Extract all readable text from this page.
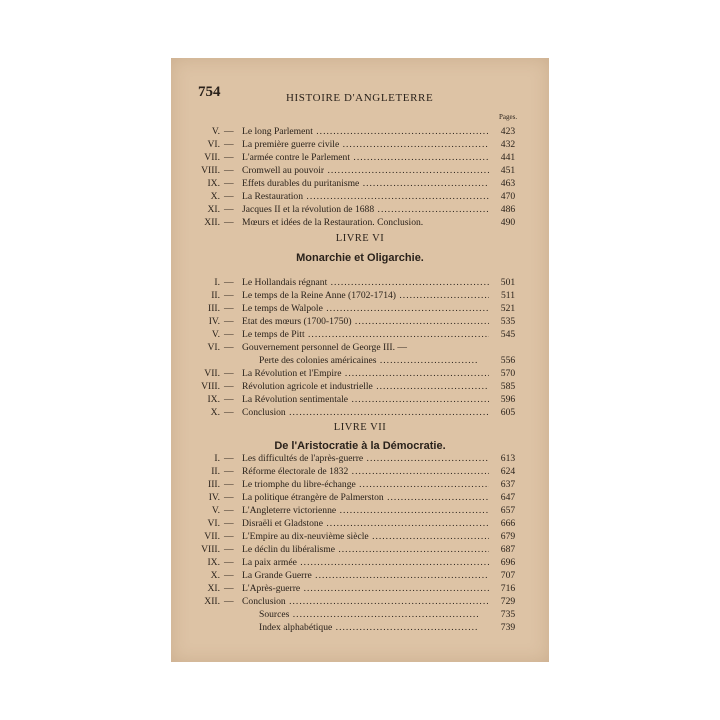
754	HISTOIRE D'ANGLETERRE
Pages.
V. — Le long Parlement .....	423
VI. — La première guerre civile .....	432
VII. — L'armée contre le Parlement .....	441
VIII. — Cromwell au pouvoir .....	451
IX. — Effets durables du puritanisme .....	463
X. — La Restauration .....	470
XI. — Jacques II et la révolution de 1688 .....	486
XII. — Mœurs et idées de la Restauration. Conclusion.	490
LIVRE VI
Monarchie et Oligarchie.
I. — Le Hollandais régnant .....	501
II. — Le temps de la Reine Anne (1702-1714) .....	511
III. — Le temps de Walpole .....	521
IV. — Etat des mœurs (1700-1750) .....	535
V. — Le temps de Pitt .....	545
VI. — Gouvernement personnel de George III. —
Perte des colonies américaines .....	556
VII. — La Révolution et l'Empire .....	570
VIII. — Révolution agricole et industrielle .....	585
IX. — La Révolution sentimentale .....	596
X. — Conclusion .....	605
LIVRE VII
De l'Aristocratie à la Démocratie.
I. — Les difficultés de l'après-guerre .....	613
II. — Réforme électorale de 1832 .....	624
III. — Le triomphe du libre-échange .....	637
IV. — La politique étrangère de Palmerston .....	647
V. — L'Angleterre victorienne .....	657
VI. — Disraëli et Gladstone .....	666
VII. — L'Empire au dix-neuvième siècle .....	679
VIII. — Le déclin du libéralisme .....	687
IX. — La paix armée .....	696
X. — La Grande Guerre .....	707
XI. — L'Après-guerre .....	716
XII. — Conclusion .....	729
Sources .....	735
Index alphabétique .....	739
